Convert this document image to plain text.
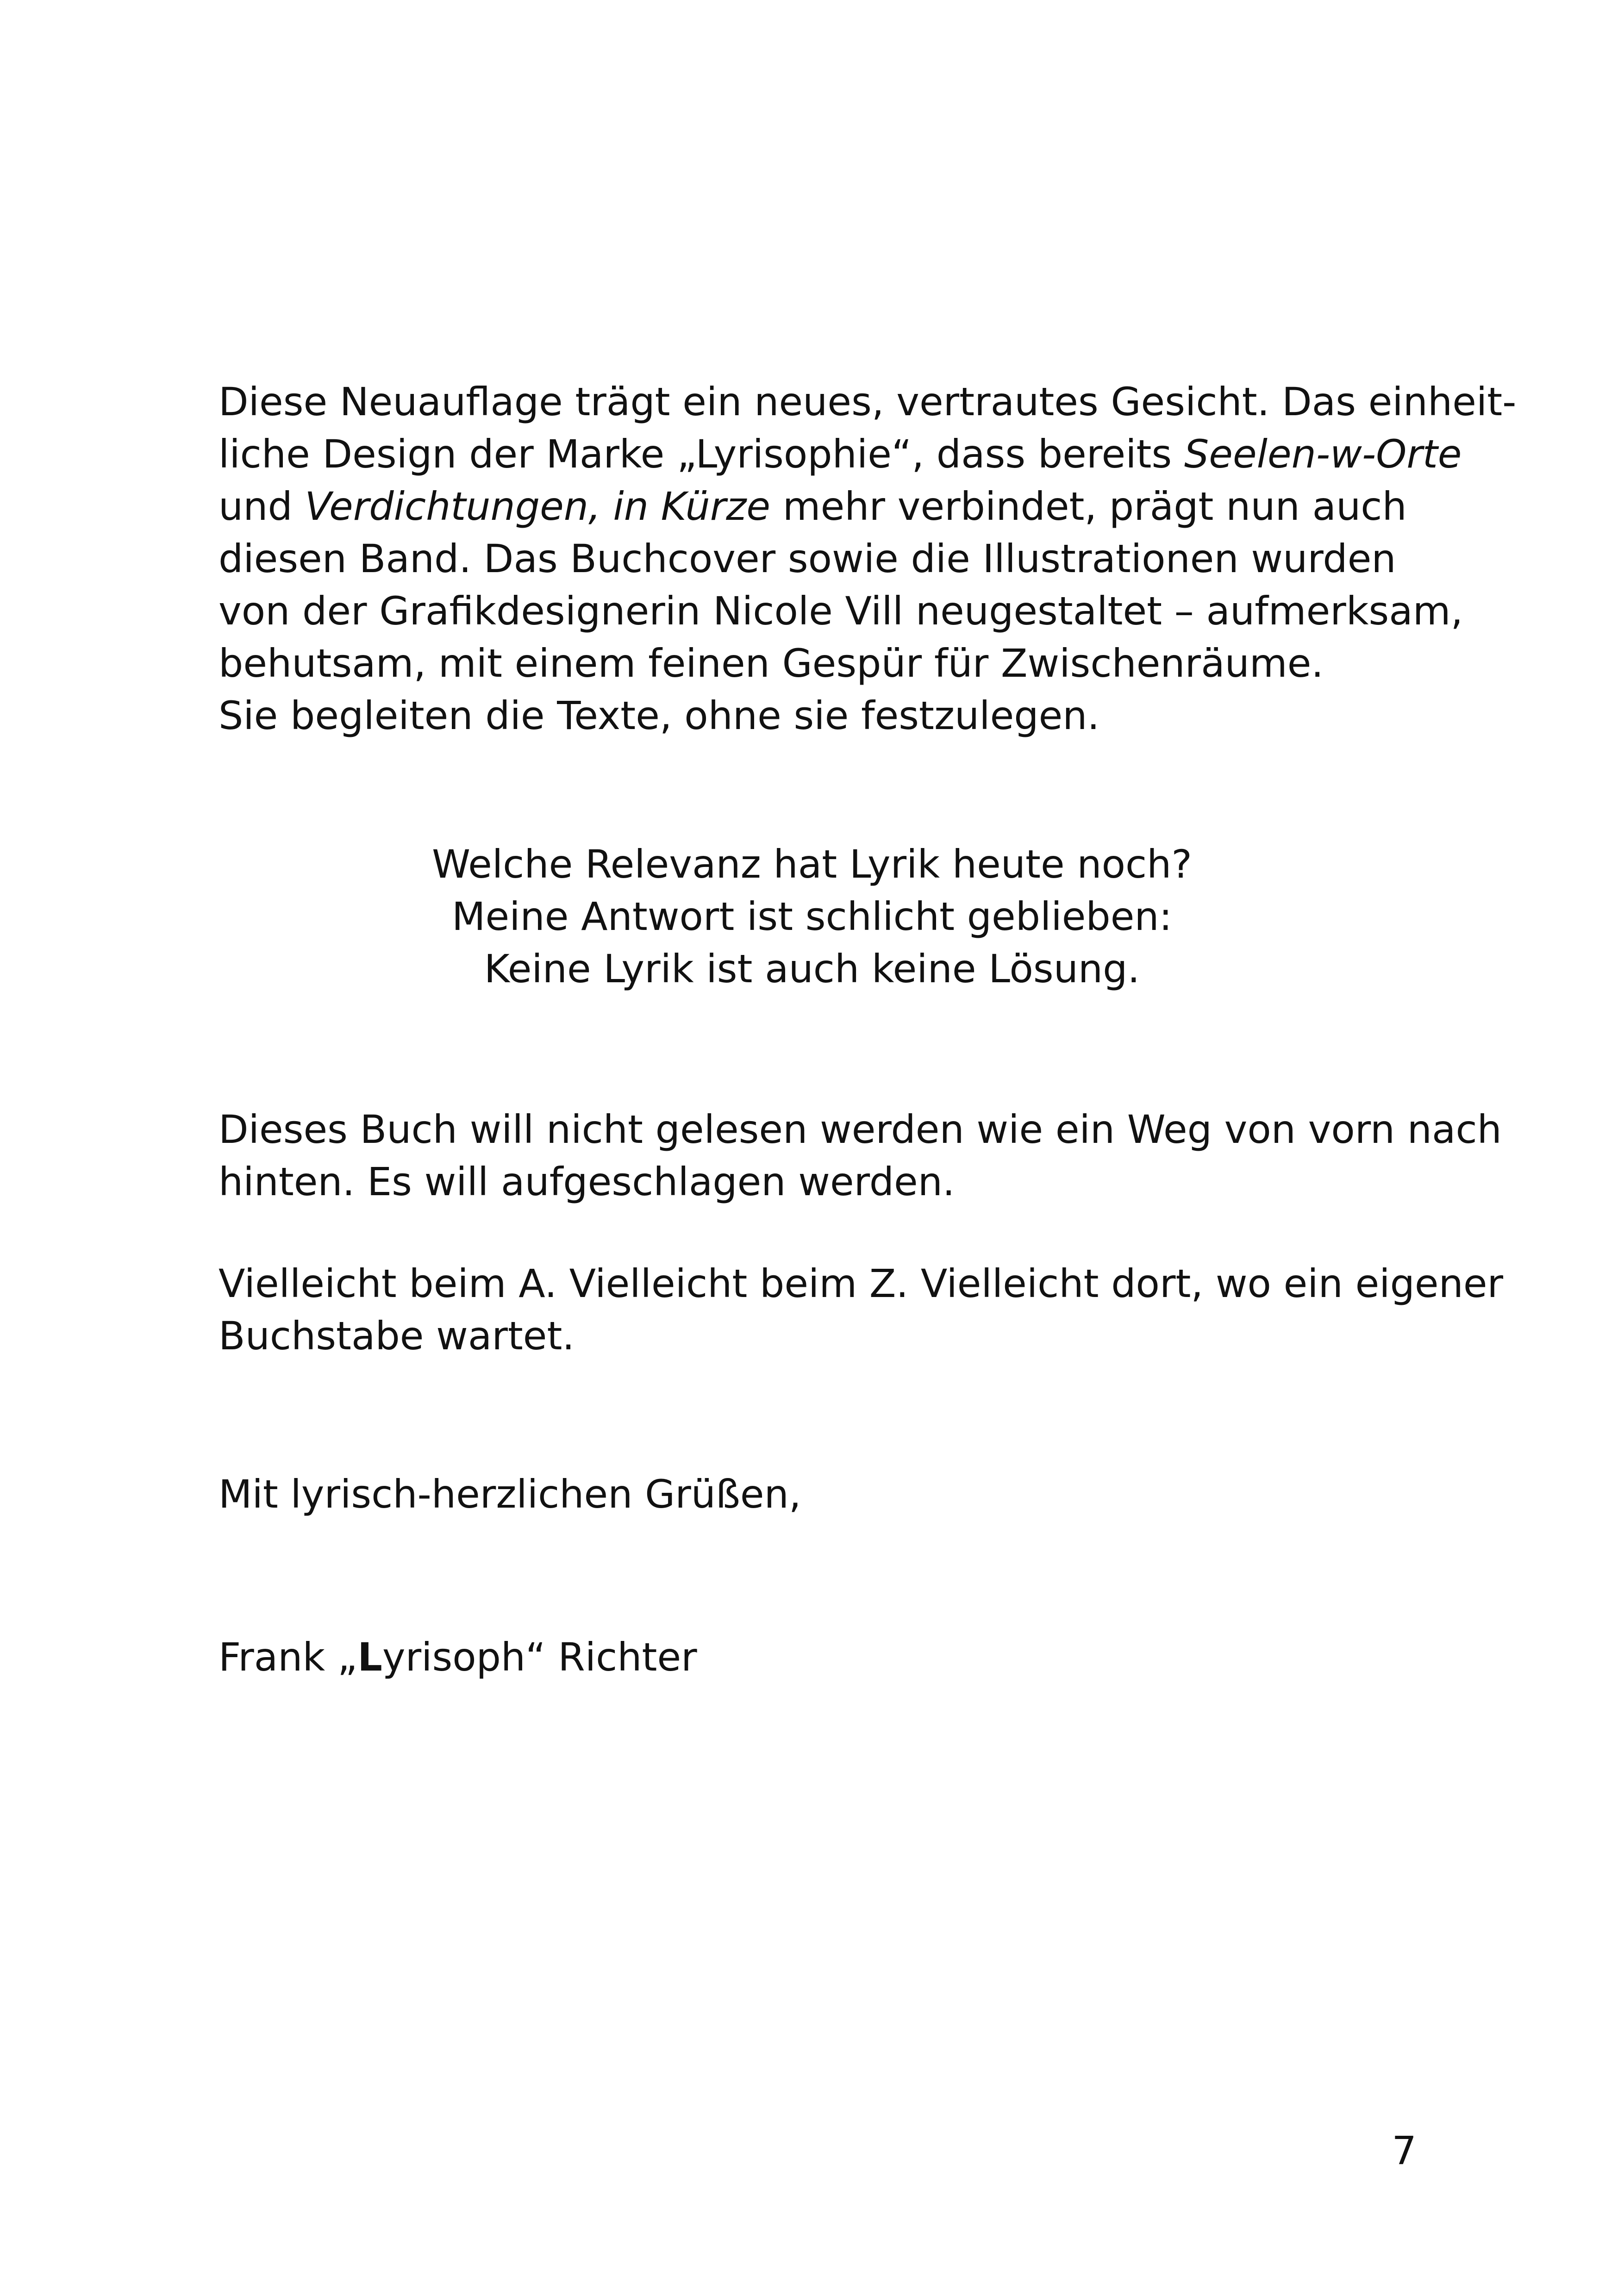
Diese Neuauflage trägt ein neues, vertrautes Gesicht. Das einheit-
liche Design der Marke „Lyrisophie“, dass bereits Seelen-w-Orte
und Verdichtungen, in Kürze mehr verbindet, prägt nun auch
diesen Band. Das Buchcover sowie die Illustrationen wurden
von der Grafikdesignerin Nicole Vill neugestaltet – aufmerksam,
behutsam, mit einem feinen Gespür für Zwischenräume.
Sie begleiten die Texte, ohne sie festzulegen.
Welche Relevanz hat Lyrik heute noch?
Meine Antwort ist schlicht geblieben:
Keine Lyrik ist auch keine Lösung.
Dieses Buch will nicht gelesen werden wie ein Weg von vorn nach
hinten. Es will aufgeschlagen werden.
Vielleicht beim A. Vielleicht beim Z. Vielleicht dort, wo ein eigener
Buchstabe wartet.
Mit lyrisch-herzlichen Grüßen,
Frank „Lyrisoph“ Richter
7
